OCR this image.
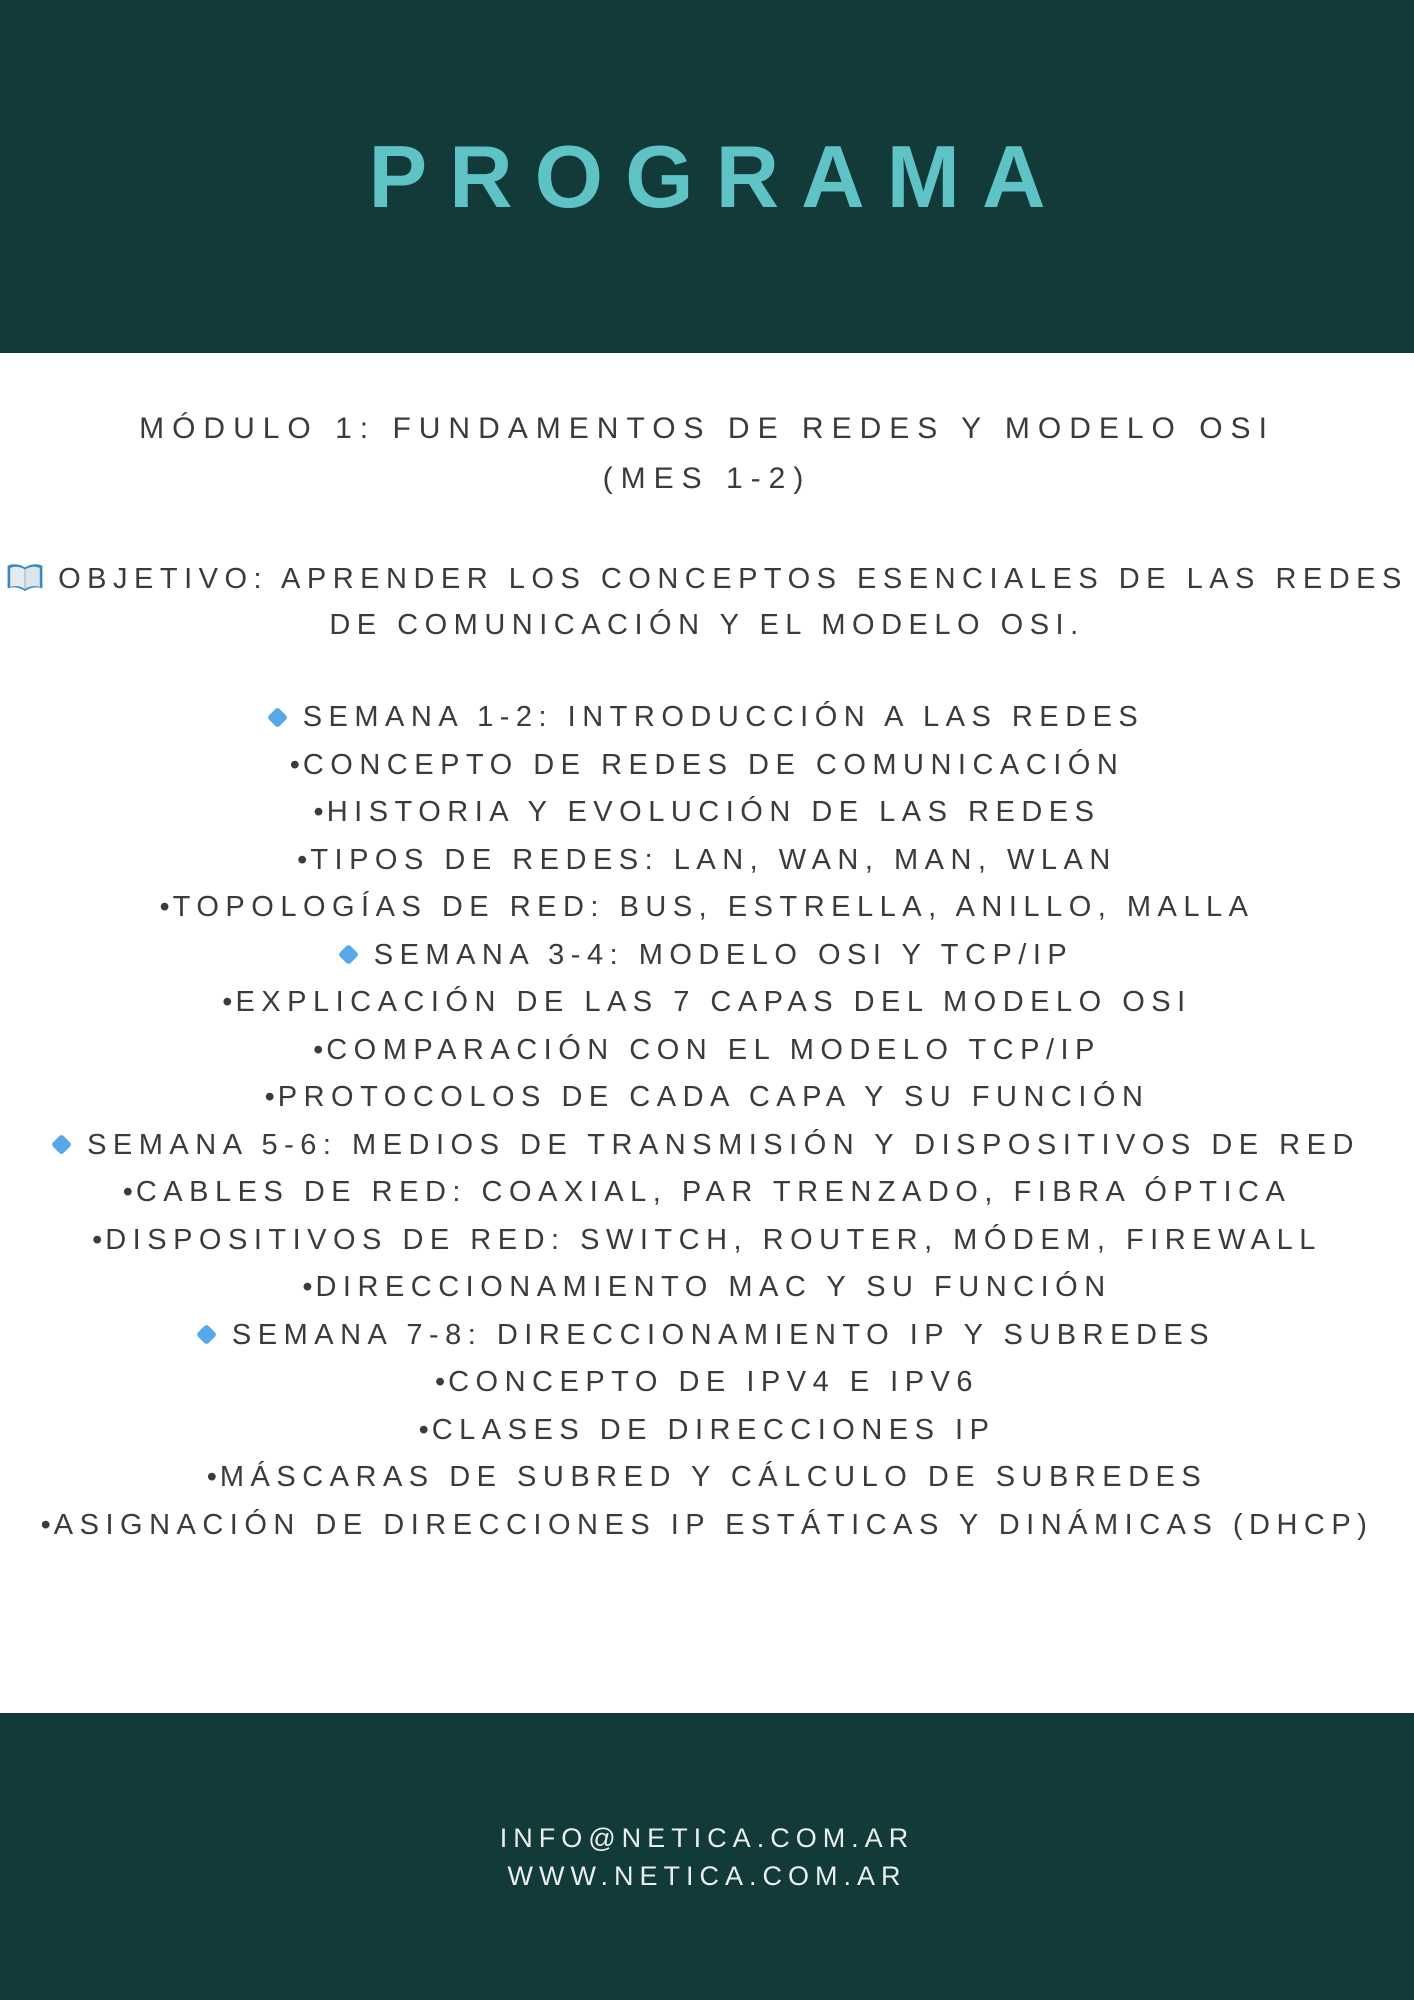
PROGRAMA
MÓDULO 1: FUNDAMENTOS DE REDES Y MODELO OSI
(MES 1-2)
OBJETIVO: APRENDER LOS CONCEPTOS ESENCIALES DE LAS REDES
DE COMUNICACIÓN Y EL MODELO OSI.
SEMANA 1-2: INTRODUCCIÓN A LAS REDES
• CONCEPTO DE REDES DE COMUNICACIÓN
• HISTORIA Y EVOLUCIÓN DE LAS REDES
• TIPOS DE REDES: LAN, WAN, MAN, WLAN
• TOPOLOGÍAS DE RED: BUS, ESTRELLA, ANILLO, MALLA
SEMANA 3-4: MODELO OSI Y TCP/IP
• EXPLICACIÓN DE LAS 7 CAPAS DEL MODELO OSI
• COMPARACIÓN CON EL MODELO TCP/IP
• PROTOCOLOS DE CADA CAPA Y SU FUNCIÓN
SEMANA 5-6: MEDIOS DE TRANSMISIÓN Y DISPOSITIVOS DE RED
• CABLES DE RED: COAXIAL, PAR TRENZADO, FIBRA ÓPTICA
• DISPOSITIVOS DE RED: SWITCH, ROUTER, MÓDEM, FIREWALL
• DIRECCIONAMIENTO MAC Y SU FUNCIÓN
SEMANA 7-8: DIRECCIONAMIENTO IP Y SUBREDES
• CONCEPTO DE IPV4 E IPV6
• CLASES DE DIRECCIONES IP
• MÁSCARAS DE SUBRED Y CÁLCULO DE SUBREDES
• ASIGNACIÓN DE DIRECCIONES IP ESTÁTICAS Y DINÁMICAS (DHCP)
INFO@NETICA.COM.AR
WWW.NETICA.COM.AR
